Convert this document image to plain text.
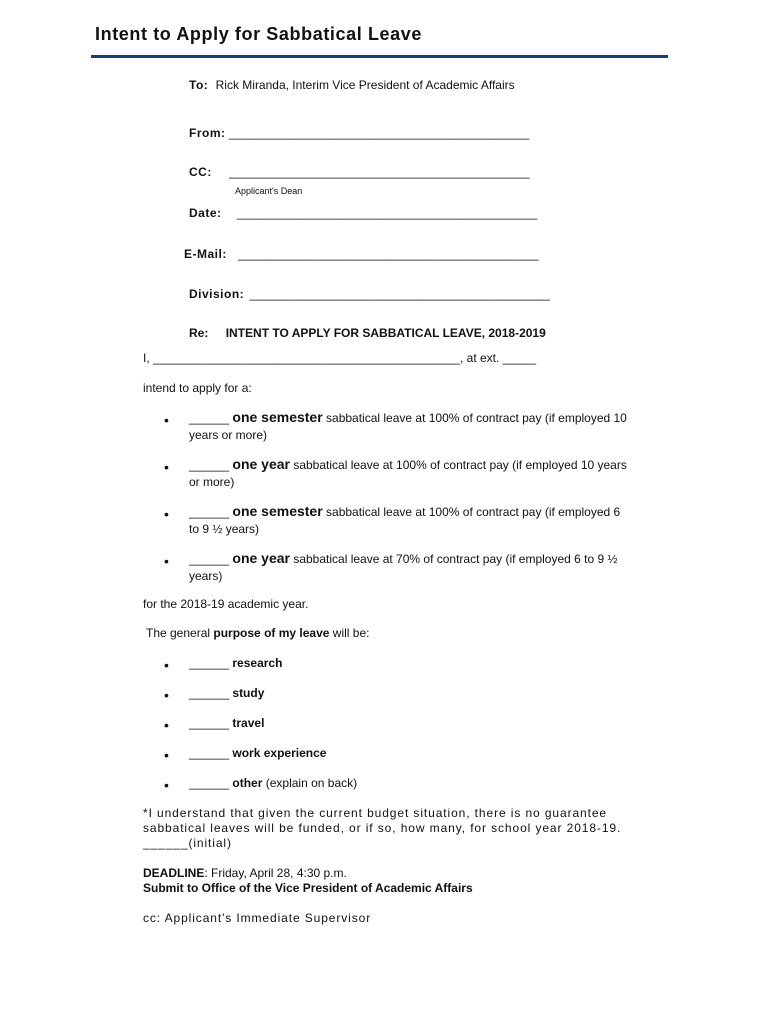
Intent to Apply for Sabbatical Leave
To: Rick Miranda, Interim Vice President of Academic Affairs
From: _____________________________________________
CC: _____________________________________________
Applicant's Dean
Date: _____________________________________________
E-Mail: _____________________________________________
Division: _____________________________________________
Re: INTENT TO APPLY FOR SABBATICAL LEAVE, 2018-2019
I, ______________________________________________, at ext. _____
intend to apply for a:
• ______ one semester sabbatical leave at 100% of contract pay (if employed 10 years or more)
• ______ one year sabbatical leave at 100% of contract pay (if employed 10 years or more)
• ______ one semester sabbatical leave at 100% of contract pay (if employed 6 to 9 ½ years)
• ______ one year sabbatical leave at 70% of contract pay (if employed 6 to 9 ½ years)
for the 2018-19 academic year.
The general purpose of my leave will be:
• ______ research
• ______ study
• ______ travel
• ______ work experience
• ______ other (explain on back)
*I understand that given the current budget situation, there is no guarantee sabbatical leaves will be funded, or if so, how many, for school year 2018-19. ______(initial)
DEADLINE: Friday, April 28, 4:30 p.m.
Submit to Office of the Vice President of Academic Affairs
cc: Applicant's Immediate Supervisor
